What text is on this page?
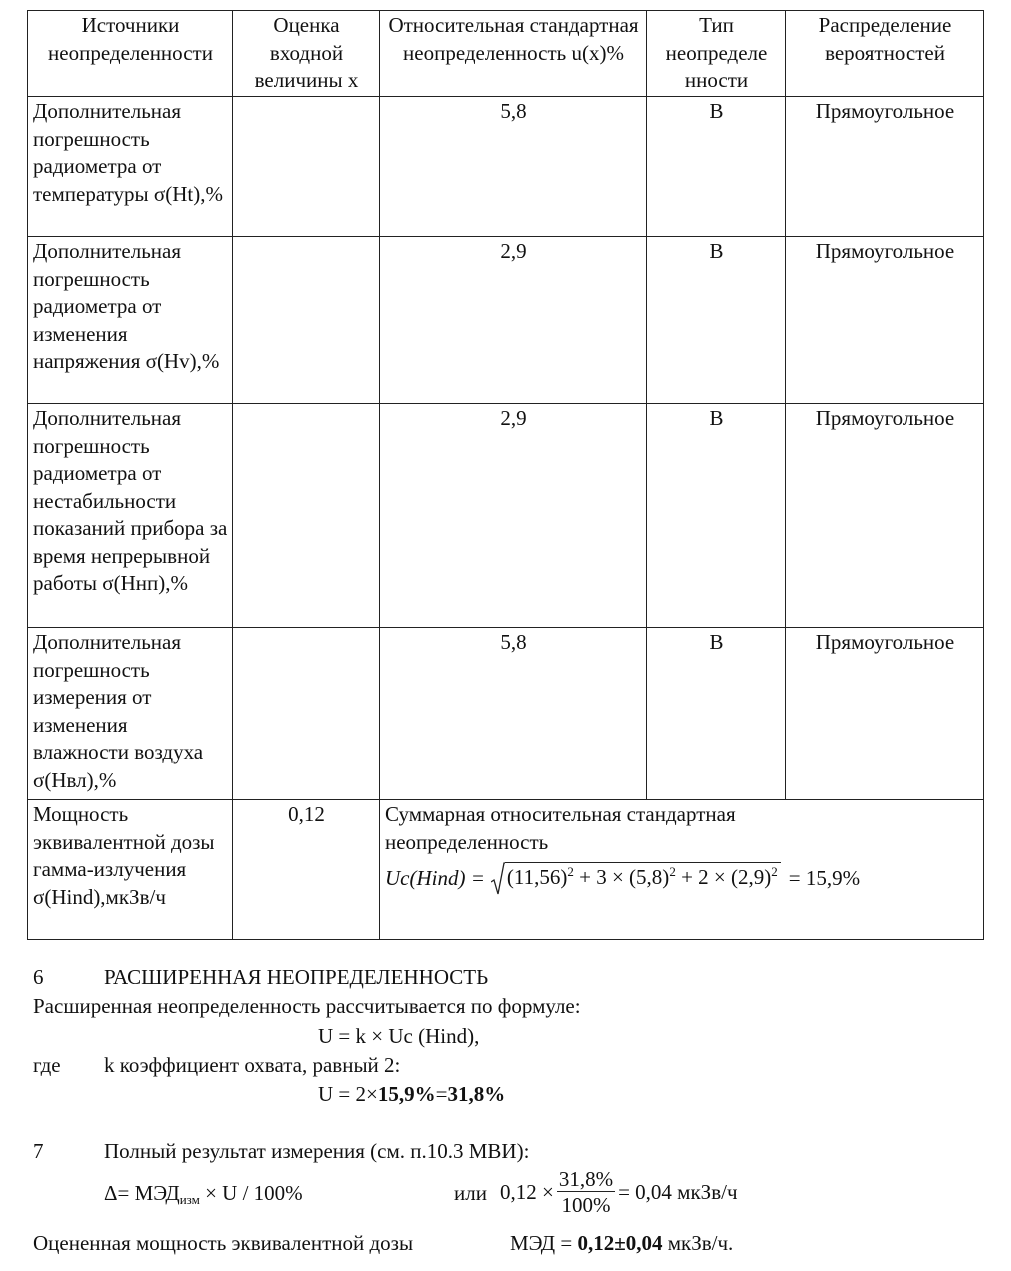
Источники неопределенности	Оценка входной величины x	Относительная стандартная неопределенность u(x)%	Тип неопределе нности	Распределение вероятностей
Дополнительная погрешность радиометра от температуры σ(Ht),%		5,8	В	Прямоугольное
Дополнительная погрешность радиометра от изменения напряжения σ(Hv),%		2,9	В	Прямоугольное
Дополнительная погрешность радиометра от нестабильности показаний прибора за время непрерывной работы σ(Hнп),%		2,9	В	Прямоугольное
Дополнительная погрешность измерения от изменения влажности воздуха σ(Hвл),%		5,8	В	Прямоугольное
Мощность эквивалентной дозы гамма-излучения σ(Hind),мкЗв/ч	0,12	Суммарная относительная стандартная неопределенность
Uc(Hind) = $(11,56)^2 + 3 \times (5,8)^2 + 2 \times (2,9)^2 = 15,9\%$		
6	РАСШИРЕННАЯ НЕОПРЕДЕЛЕННОСТЬ
Расширенная неопределенность рассчитывается по формуле:
U = k × Uc (Hind),
где k коэффициент охвата, равный 2:
U = 2×15,9%=31,8%
7	Полный результат измерения (см. п.10.3 МВИ):
$\Delta= МЭД_{изм} \times U / 100\%$	или $0,12 \times \frac{31,8\%}{100\%} = 0,04$ мкЗв/ч
Оцененная мощность эквивалентной дозы	МЭД = 0,12±0,04 мкЗв/ч.
